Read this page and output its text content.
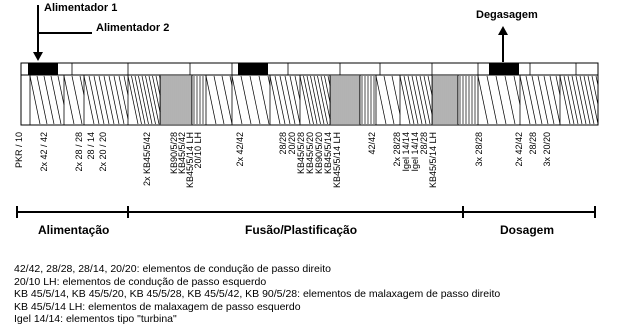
Alimentador 1
Alimentador 2
Degasagem
PKR / 10 2x 42 / 42	2x 28 / 28 28 / 14 2x 20 / 20	2x KB45/5/42 KB90/5/28
KB45/5/42
KB45/5/14 LH
20/10 LH	2x 42/42	28/28 20/20 KB45/5/28 KB45/5/20 KB90/5/20 KB45/5/14 KB45/5/14 LH	42/42 2x 28/28 Igel 14/14 Igel 14/14 28/28 KB45/5/14 LH	3x 28/28	2x 42/42 28/28 3x 20/20
Alimentação	Fusão/Plastificação	Dosagem
42/42, 28/28, 28/14, 20/20: elementos de condução de passo direito
20/10 LH: elementos de condução de passo esquerdo
KB 45/5/14, KB 45/5/20, KB 45/5/28, KB 45/5/42, KB 90/5/28: elementos de malaxagem de passo direito
KB 45/5/14 LH: elementos de malaxagem de passo esquerdo
Igel 14/14: elementos tipo "turbina"
